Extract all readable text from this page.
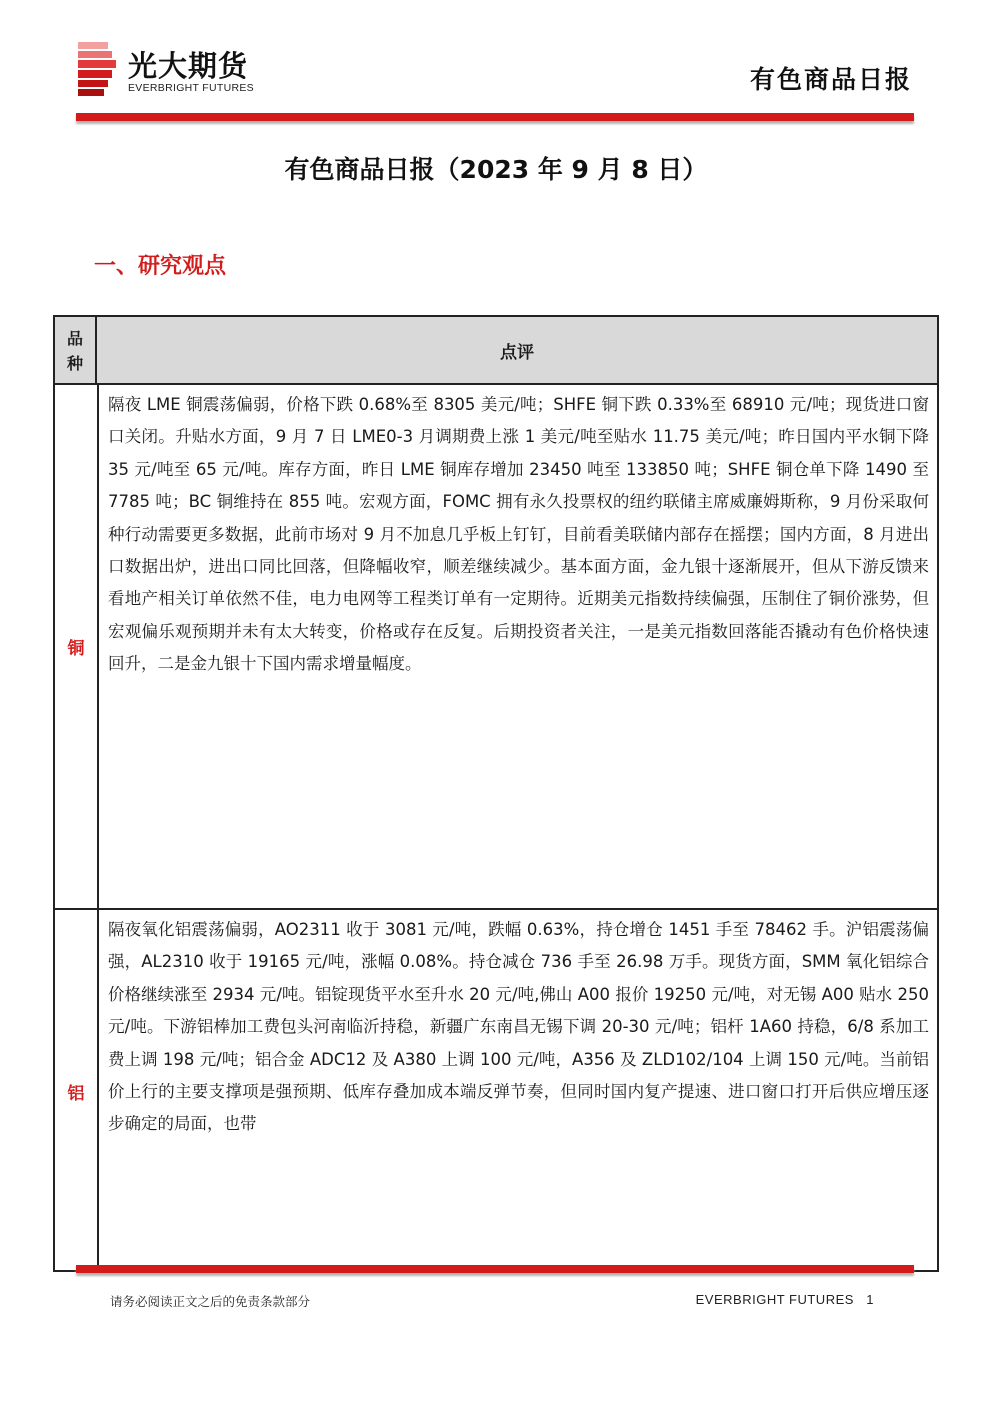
光大期货
EVERBRIGHT FUTURES	有色商品日报
有色商品日报（2023 年 9 月 8 日）
一、研究观点
品种
点评
铜
隔夜 LME 铜震荡偏弱，价格下跌 0.68%至 8305 美元/吨；SHFE 铜下跌 0.33%至 68910 元/吨；现货进口窗口关闭。升贴水方面，9 月 7 日 LME0-3 月调期费上涨 1 美元/吨至贴水 11.75 美元/吨；昨日国内平水铜下降 35 元/吨至 65 元/吨。库存方面，昨日 LME 铜库存增加 23450 吨至 133850 吨；SHFE 铜仓单下降 1490 至 7785 吨；BC 铜维持在 855 吨。宏观方面，FOMC 拥有永久投票权的纽约联储主席威廉姆斯称，9 月份采取何种行动需要更多数据，此前市场对 9 月不加息几乎板上钉钉，目前看美联储内部存在摇摆；国内方面，8 月进出口数据出炉，进出口同比回落，但降幅收窄，顺差继续减少。基本面方面，金九银十逐渐展开，但从下游反馈来看地产相关订单依然不佳，电力电网等工程类订单有一定期待。近期美元指数持续偏强，压制住了铜价涨势，但宏观偏乐观预期并未有太大转变，价格或存在反复。后期投资者关注，一是美元指数回落能否撬动有色价格快速回升，二是金九银十下国内需求增量幅度。
铝
隔夜氧化铝震荡偏弱，AO2311 收于 3081 元/吨，跌幅 0.63%，持仓增仓 1451 手至 78462 手。沪铝震荡偏强，AL2310 收于 19165 元/吨，涨幅 0.08%。持仓减仓 736 手至 26.98 万手。现货方面，SMM 氧化铝综合价格继续涨至 2934 元/吨。铝锭现货平水至升水 20 元/吨,佛山 A00 报价 19250 元/吨，对无锡 A00 贴水 250 元/吨。下游铝棒加工费包头河南临沂持稳，新疆广东南昌无锡下调 20-30 元/吨；铝杆 1A60 持稳，6/8 系加工费上调 198 元/吨；铝合金 ADC12 及 A380 上调 100 元/吨，A356 及 ZLD102/104 上调 150 元/吨。当前铝价上行的主要支撑项是强预期、低库存叠加成本端反弹节奏，但同时国内复产提速、进口窗口打开后供应增压逐步确定的局面，也带
请务必阅读正文之后的免责条款部分	EVERBRIGHT FUTURES 1
